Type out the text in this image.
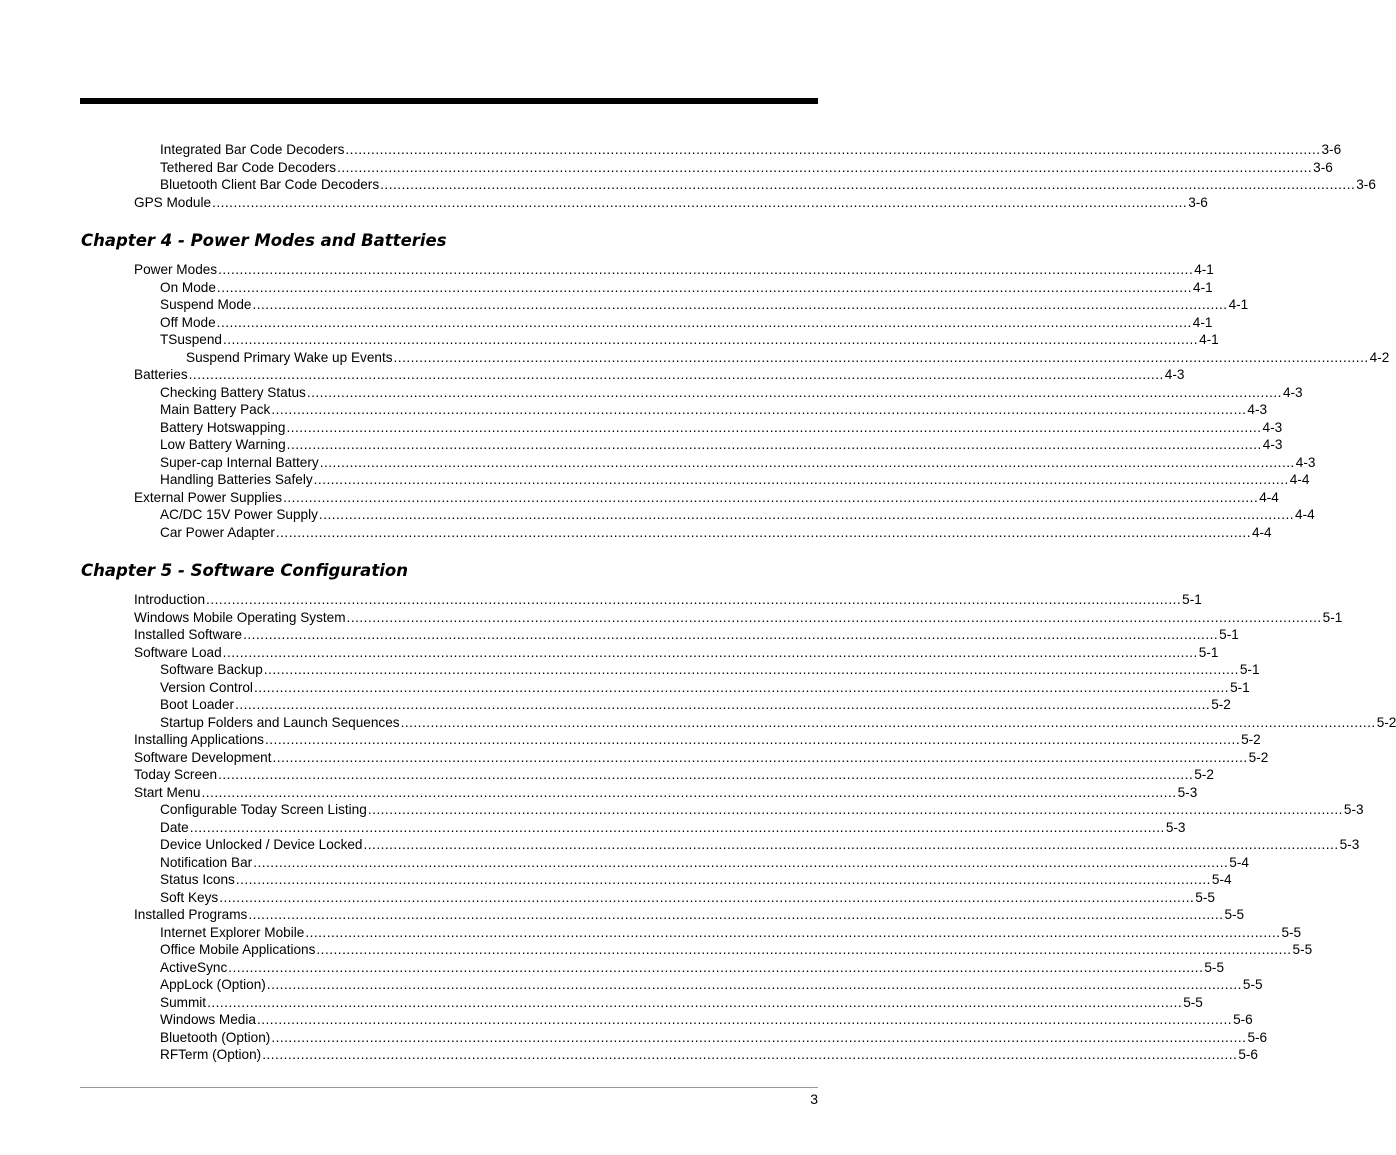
Integrated Bar Code Decoders .................................................................................................................................................................................................................................... 3-6
Tethered Bar Code Decoders .................................................................................................................................................................................................................................... 3-6
Bluetooth Client Bar Code Decoders .................................................................................................................................................................................................................................... 3-6
GPS Module .................................................................................................................................................................................................................................... 3-6
Chapter 4 - Power Modes and Batteries
Power Modes .................................................................................................................................................................................................................................... 4-1
On Mode .................................................................................................................................................................................................................................... 4-1
Suspend Mode .................................................................................................................................................................................................................................... 4-1
Off Mode .................................................................................................................................................................................................................................... 4-1
TSuspend .................................................................................................................................................................................................................................... 4-1
Suspend Primary Wake up Events .................................................................................................................................................................................................................................... 4-2
Batteries .................................................................................................................................................................................................................................... 4-3
Checking Battery Status .................................................................................................................................................................................................................................... 4-3
Main Battery Pack .................................................................................................................................................................................................................................... 4-3
Battery Hotswapping .................................................................................................................................................................................................................................... 4-3
Low Battery Warning .................................................................................................................................................................................................................................... 4-3
Super-cap Internal Battery .................................................................................................................................................................................................................................... 4-3
Handling Batteries Safely .................................................................................................................................................................................................................................... 4-4
External Power Supplies .................................................................................................................................................................................................................................... 4-4
AC/DC 15V Power Supply .................................................................................................................................................................................................................................... 4-4
Car Power Adapter .................................................................................................................................................................................................................................... 4-4
Chapter 5 - Software Configuration
Introduction .................................................................................................................................................................................................................................... 5-1
Windows Mobile Operating System .................................................................................................................................................................................................................................... 5-1
Installed Software .................................................................................................................................................................................................................................... 5-1
Software Load .................................................................................................................................................................................................................................... 5-1
Software Backup .................................................................................................................................................................................................................................... 5-1
Version Control .................................................................................................................................................................................................................................... 5-1
Boot Loader .................................................................................................................................................................................................................................... 5-2
Startup Folders and Launch Sequences .................................................................................................................................................................................................................................... 5-2
Installing Applications .................................................................................................................................................................................................................................... 5-2
Software Development .................................................................................................................................................................................................................................... 5-2
Today Screen .................................................................................................................................................................................................................................... 5-2
Start Menu .................................................................................................................................................................................................................................... 5-3
Configurable Today Screen Listing .................................................................................................................................................................................................................................... 5-3
Date .................................................................................................................................................................................................................................... 5-3
Device Unlocked / Device Locked .................................................................................................................................................................................................................................... 5-3
Notification Bar .................................................................................................................................................................................................................................... 5-4
Status Icons .................................................................................................................................................................................................................................... 5-4
Soft Keys .................................................................................................................................................................................................................................... 5-5
Installed Programs .................................................................................................................................................................................................................................... 5-5
Internet Explorer Mobile .................................................................................................................................................................................................................................... 5-5
Office Mobile Applications .................................................................................................................................................................................................................................... 5-5
ActiveSync .................................................................................................................................................................................................................................... 5-5
AppLock (Option) .................................................................................................................................................................................................................................... 5-5
Summit .................................................................................................................................................................................................................................... 5-5
Windows Media .................................................................................................................................................................................................................................... 5-6
Bluetooth (Option) .................................................................................................................................................................................................................................... 5-6
RFTerm (Option) .................................................................................................................................................................................................................................... 5-6
3
